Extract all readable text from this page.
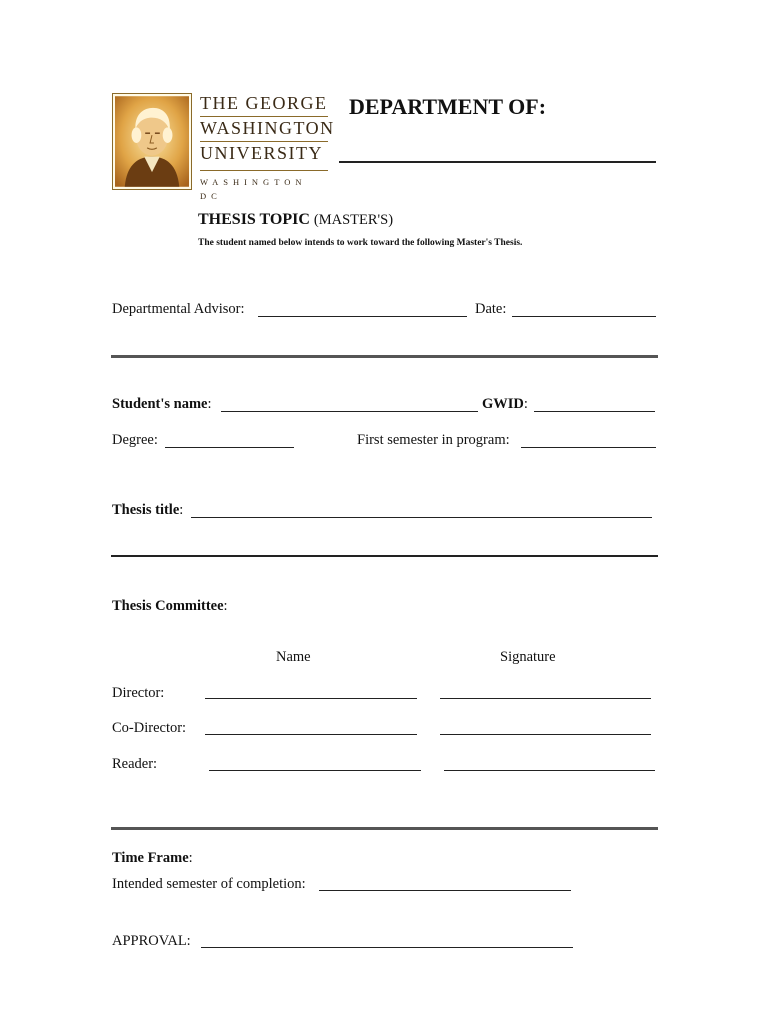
THE GEORGE
WASHINGTON
UNIVERSITY
WASHINGTON DC
DEPARTMENT OF:
THESIS TOPIC (MASTER'S)
The student named below intends to work toward the following Master's Thesis.
Departmental Advisor:	Date:
Student's name:	GWID:
Degree:	First semester in program:
Thesis title:
Thesis Committee:
Name	Signature
Director:
Co-Director:
Reader:
Time Frame:
Intended semester of completion:
APPROVAL:
